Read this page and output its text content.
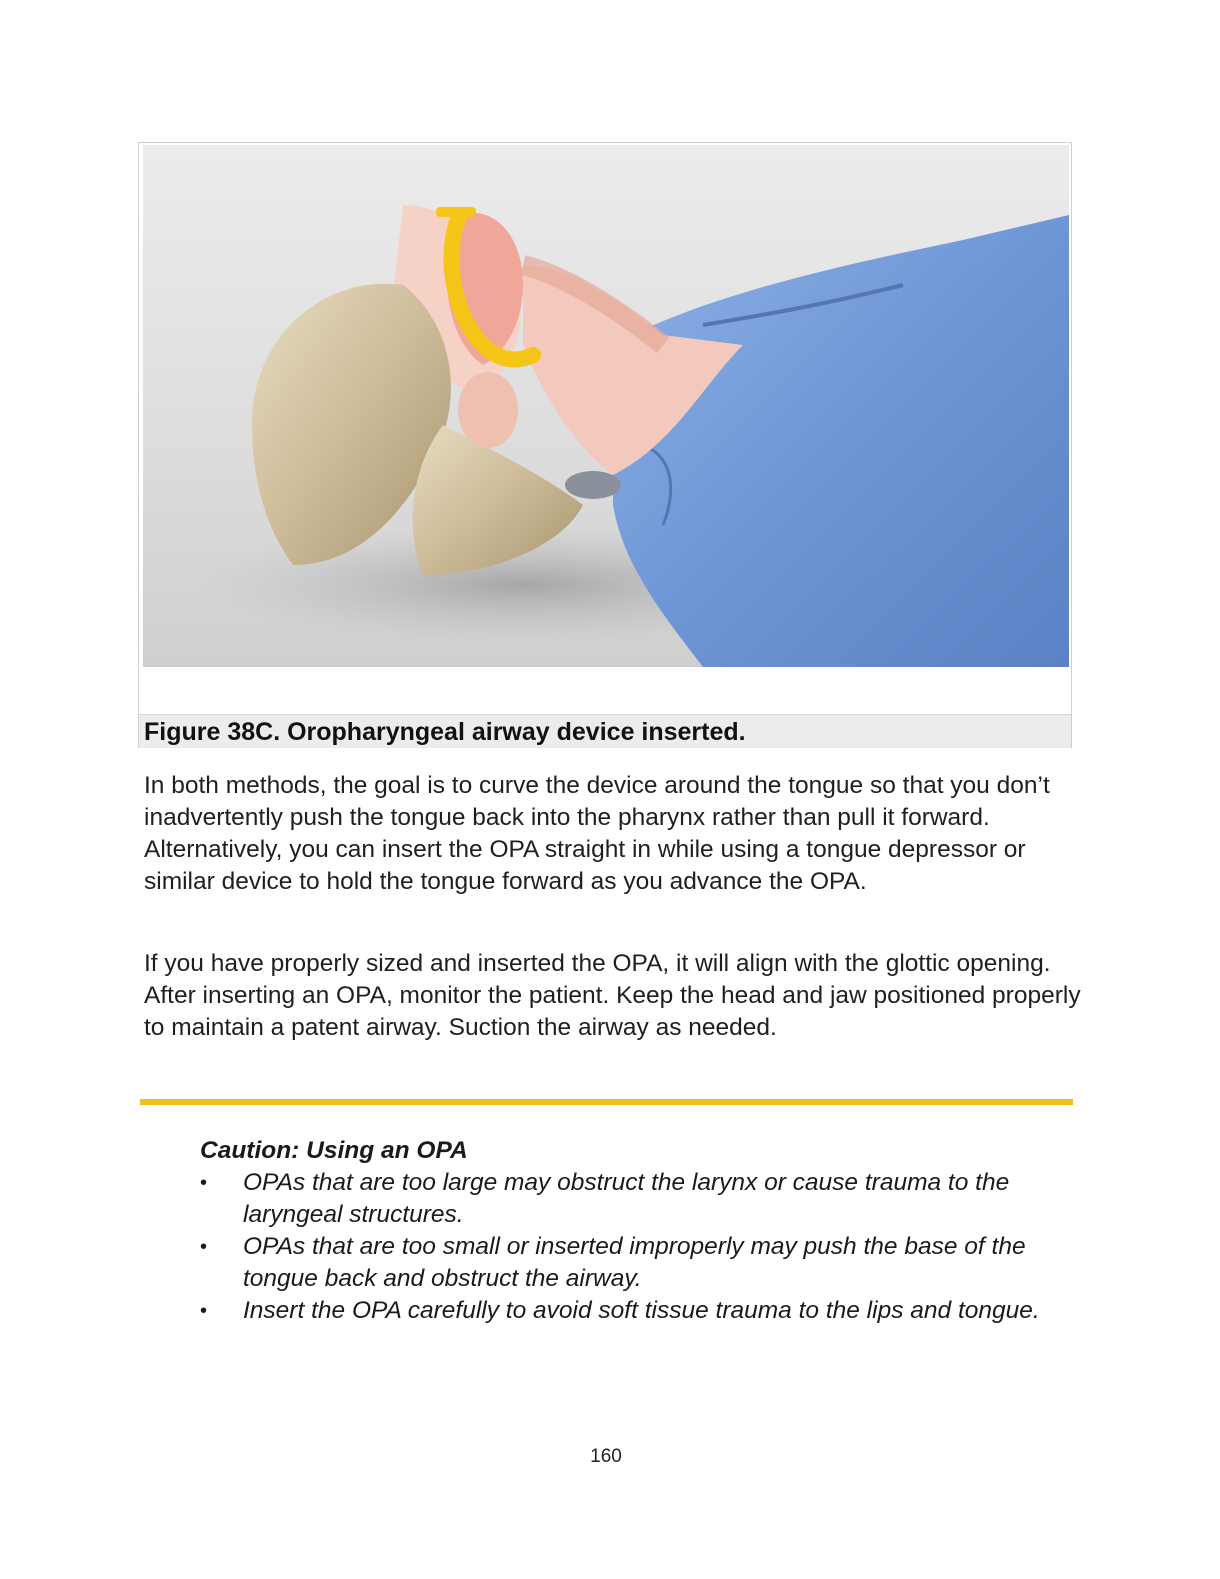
Figure 38C. Oropharyngeal airway device inserted.

In both methods, the goal is to curve the device around the tongue so that you don’t inadvertently push the tongue back into the pharynx rather than pull it forward. Alternatively, you can insert the OPA straight in while using a tongue depressor or similar device to hold the tongue forward as you advance the OPA.

If you have properly sized and inserted the OPA, it will align with the glottic opening. After inserting an OPA, monitor the patient. Keep the head and jaw positioned properly to maintain a patent airway. Suction the airway as needed.

Caution: Using an OPA

• OPAs that are too large may obstruct the larynx or cause trauma to the laryngeal structures.
• OPAs that are too small or inserted improperly may push the base of the tongue back and obstruct the airway.
• Insert the OPA carefully to avoid soft tissue trauma to the lips and tongue.
160
